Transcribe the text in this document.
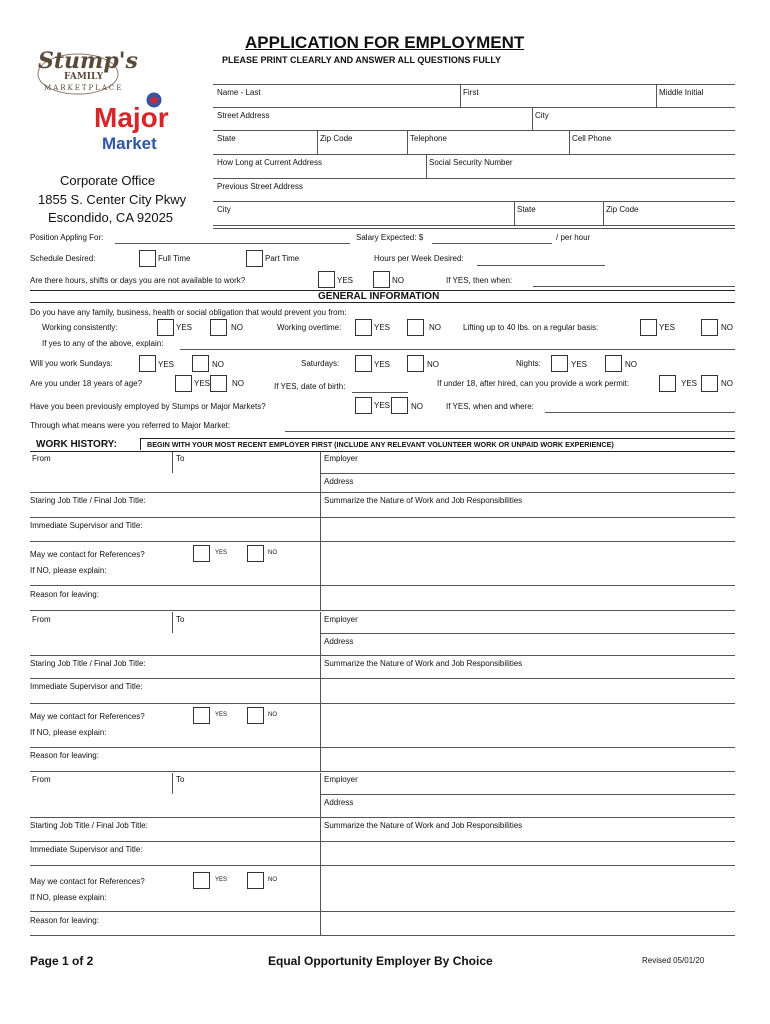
APPLICATION FOR EMPLOYMENT
PLEASE PRINT CLEARLY AND ANSWER ALL QUESTIONS FULLY
Stump's
FAMILY
MARKETPLACE
Major
Market
Corporate Office
1855 S. Center City Pkwy
Escondido, CA 92025
Name - Last	First	Middle Initial
Street Address	City
State	Zip Code	Telephone	Cell Phone
How Long at Current Address	Social Security Number
Previous Street Address
City	State	Zip Code
Position Appling For:	Salary Expected: $	/ per hour
Schedule Desired:	Full Time	Part Time	Hours per Week Desired:
Are there hours, shifts or days you are not available to work?	YES	NO	If YES, then when:
GENERAL INFORMATION
Do you have any family, business, health or social obligation that would prevent you from:
Working consistently:	YES	NO	Working overtime:	YES	NO	Lifting up to 40 lbs. on a regular basis:	YES	NO
If yes to any of the above, explain:
Will you work Sundays:	YES	NO	Saturdays:	YES	NO	Nights:	YES	NO
Are you under 18 years of age?	YES	NO	If YES, date of birth:	If under 18, after hired, can you provide a work permit:	YES	NO
Have you been previously employed by Stumps or Major Markets?	YES	NO	If YES, when and where:
Through what means were you referred to Major Market:
WORK HISTORY:	BEGIN WITH YOUR MOST RECENT EMPLOYER FIRST (INCLUDE ANY RELEVANT VOLUNTEER WORK OR UNPAID WORK EXPERIENCE)
From	To	Employer
Address
Staring Job Title / Final Job Title:	Summarize the Nature of Work and Job Responsibilities
Immediate Supervisor and Title:
May we contact for References?	YES	NO
If NO, please explain:
Reason for leaving:
From	To	Employer
Address
Staring Job Title / Final Job Title:	Summarize the Nature of Work and Job Responsibilities
Immediate Supervisor and Title:
May we contact for References?	YES	NO
If NO, please explain:
Reason for leaving:
From	To	Employer
Address
Starting Job Title / Final Job Title:	Summarize the Nature of Work and Job Responsibilities
Immediate Supervisor and Title:
May we contact for References?	YES	NO
If NO, please explain:
Reason for leaving:
Page 1 of 2	Equal Opportunity Employer By Choice	Revised 05/01/20
